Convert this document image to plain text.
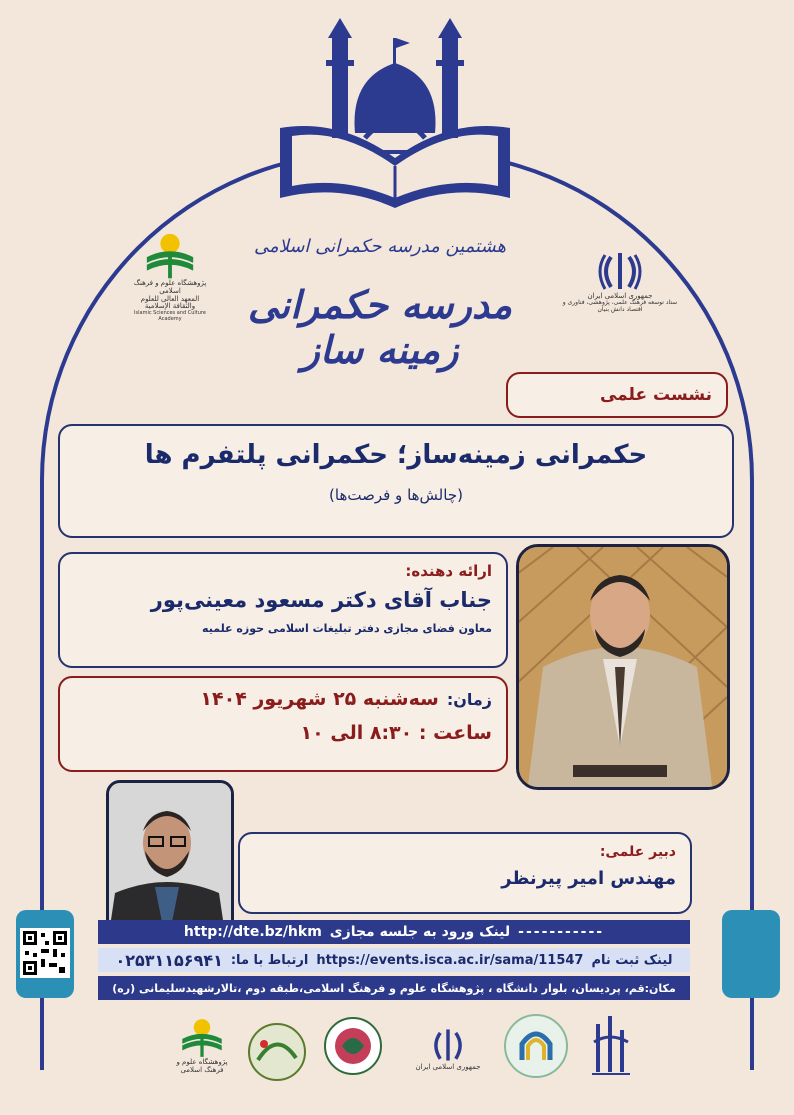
پژوهشگاه علوم و فرهنگ اسلامی
المعهد العالی للعلوم والثقافة الإسلامية
Islamic Sciences and Culture Academy
هشتمین مدرسه حکمرانی اسلامی
مدرسه حکمرانی زمینه ساز
جمهوری اسلامی ایران
ستاد توسعه فرهنگ علمی، پژوهشی، فناوری و اقتصاد دانش بنیان
نشست علمی
حکمرانی زمینه‌ساز؛ حکمرانی پلتفرم ها
(چالش‌ها و فرصت‌ها)
ارائه دهنده:
جناب آقای دکتر مسعود معینی‌پور
معاون فضای مجازی دفتر تبلیغات اسلامی حوزه علمیه
زمان:
سه‌شنبه ۲۵ شهریور ۱۴۰۴
ساعت : ۸:۳۰ الی ۱۰
دبیر علمی:
مهندس امیر پیرنظر
-----------
لینک ورود به جلسه مجازی
http://dte.bz/hkm
لینک ثبت نام
https://events.isca.ac.ir/sama/11547
ارتباط با ما:
۰۲۵۳۱۱۵۶۹۴۱
مکان:قم، پردیسان، بلوار دانشگاه ، پژوهشگاه علوم و فرهنگ اسلامی،طبقه دوم ،تالارشهیدسلیمانی (ره)
پژوهشگاه علوم و فرهنگ اسلامی	جمهوری اسلامی ایران
